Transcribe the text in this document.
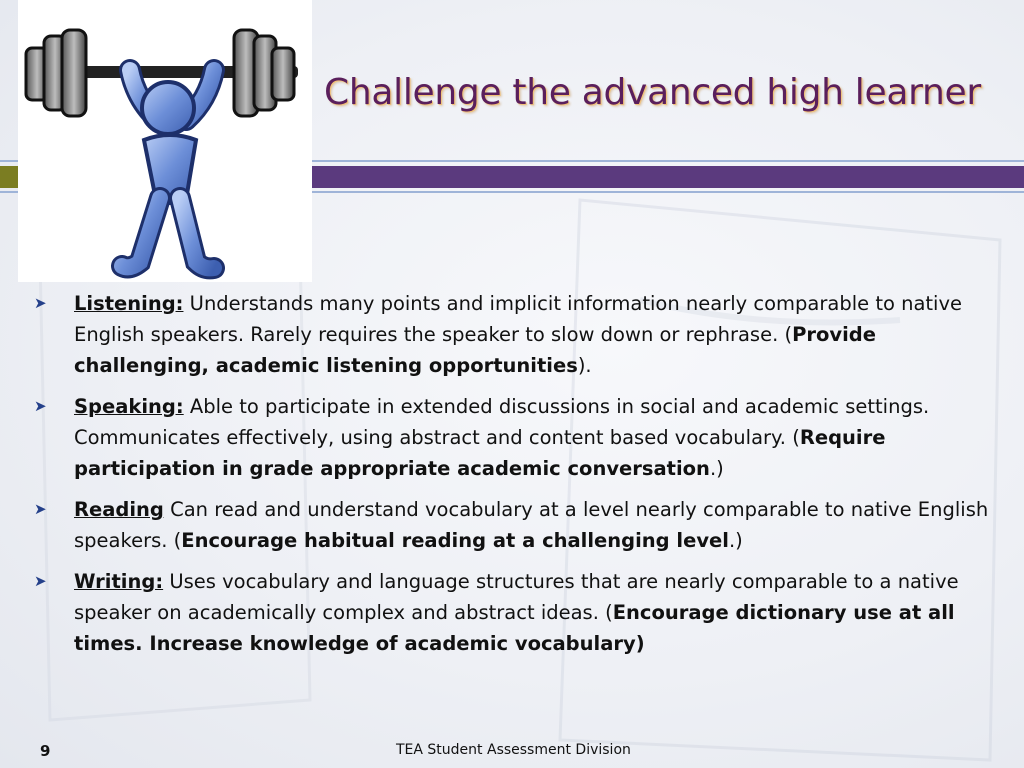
Challenge the advanced high learner
➤ Listening: Understands many points and implicit information nearly comparable to native English speakers. Rarely requires the speaker to slow down or rephrase. (Provide challenging, academic listening opportunities).
➤ Speaking: Able to participate in extended discussions in social and academic settings. Communicates effectively, using abstract and content based vocabulary. (Require participation in grade appropriate academic conversation.)
➤ Reading Can read and understand vocabulary at a level nearly comparable to native English speakers. (Encourage habitual reading at a challenging level.)
➤ Writing: Uses vocabulary and language structures that are nearly comparable to a native speaker on academically complex and abstract ideas. (Encourage dictionary use at all times. Increase knowledge of academic vocabulary)
9	TEA Student Assessment Division
